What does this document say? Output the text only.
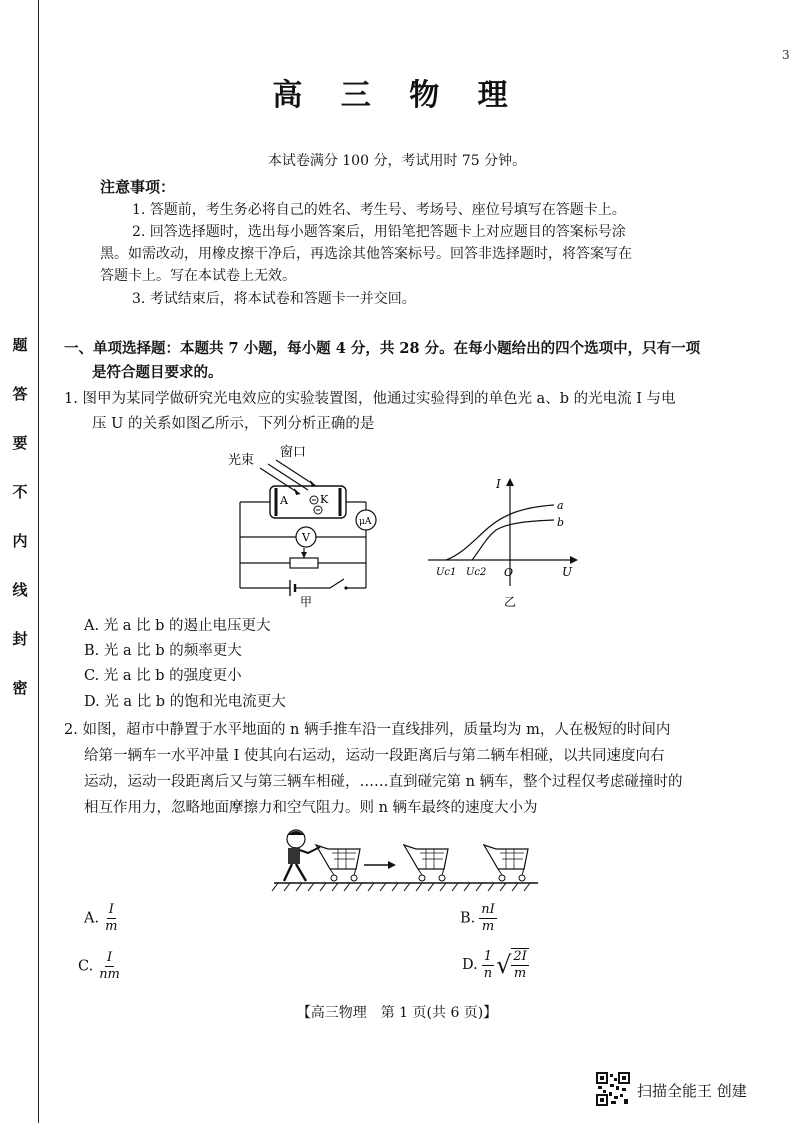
3
题
答
要
不
内
线
封
密
高 三 物 理
本试卷满分 100 分，考试用时 75 分钟。
注意事项：
1. 答题前，考生务必将自己的姓名、考生号、考场号、座位号填写在答题卡上。
2. 回答选择题时，选出每小题答案后，用铅笔把答题卡上对应题目的答案标号涂
黑。如需改动，用橡皮擦干净后，再选涂其他答案标号。回答非选择题时，将答案写在
答题卡上。写在本试卷上无效。
3. 考试结束后，将本试卷和答题卡一并交回。
一、单项选择题：本题共 7 小题，每小题 4 分，共 28 分。在每小题给出的四个选项中，只有一项
是符合题目要求的。
1. 图甲为某同学做研究光电效应的实验装置图，他通过实验得到的单色光 a、b 的光电流 I 与电
压 U 的关系如图乙所示，下列分析正确的是
光束
窗口
A	K
μA
V
甲
I
U
O
a
b
Uc1 Uc2
乙
A. 光 a 比 b 的遏止电压更大
B. 光 a 比 b 的频率更大
C. 光 a 比 b 的强度更小
D. 光 a 比 b 的饱和光电流更大
2. 如图，超市中静置于水平地面的 n 辆手推车沿一直线排列，质量均为 m，人在极短的时间内
给第一辆车一水平冲量 I 使其向右运动，运动一段距离后与第二辆车相碰，以共同速度向右
运动，运动一段距离后又与第三辆车相碰，……直到碰完第 n 辆车，整个过程仅考虑碰撞时的
相互作用力，忽略地面摩擦力和空气阻力。则 n 辆车最终的速度大小为
A. $\frac{I}{m}$	B. $\frac{nI}{m}$
C. $\frac{I}{nm}$	D. $\frac{1}{n}$ √ $\frac{2I}{m}$
【高三物理　第 1 页(共 6 页)】
扫描全能王 创建
